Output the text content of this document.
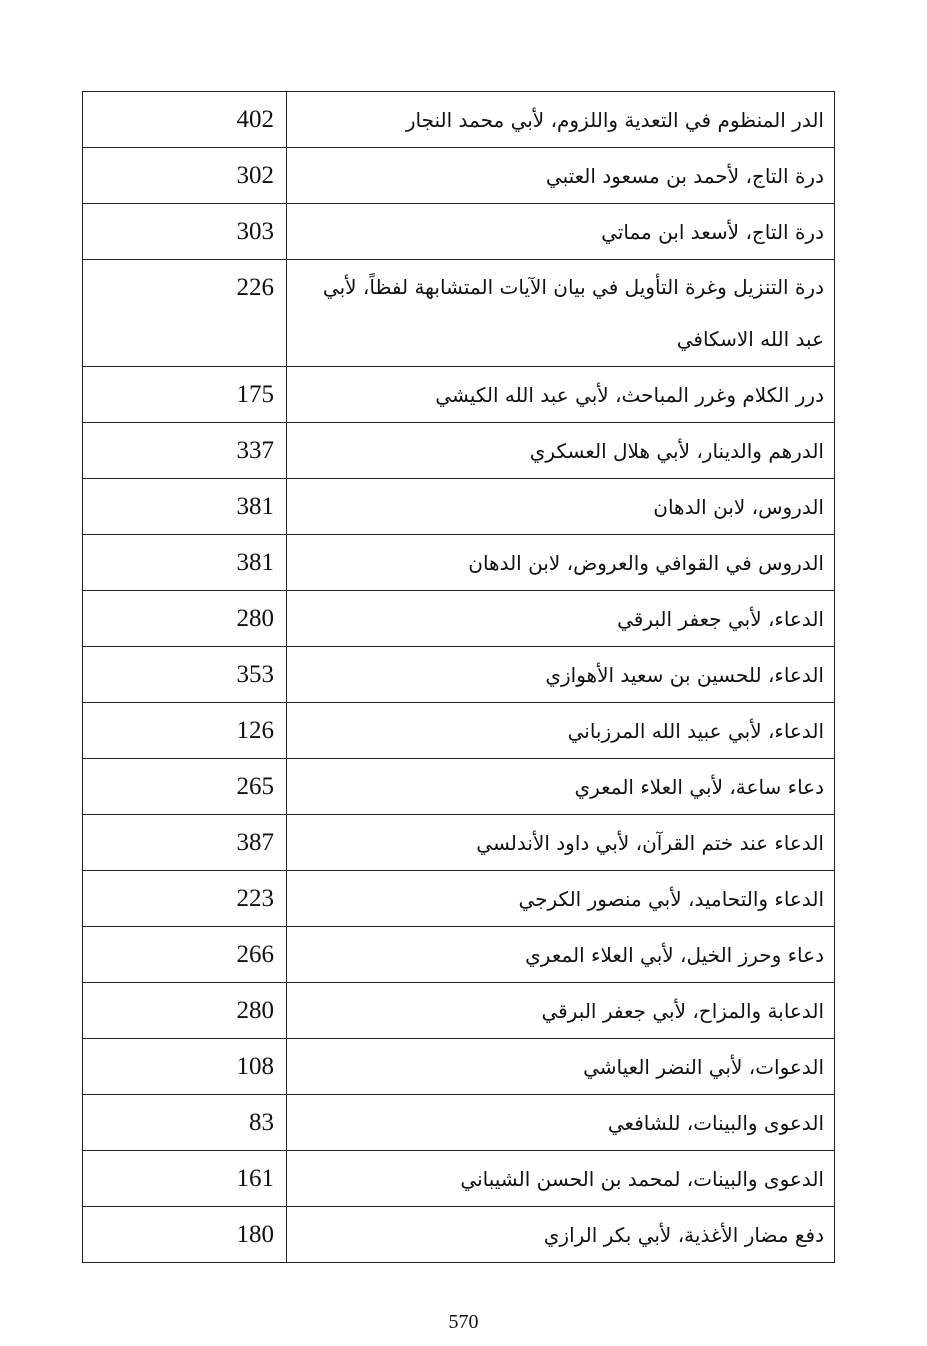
402	الدر المنظوم في التعدية واللزوم، لأبي محمد النجار
302	درة التاج، لأحمد بن مسعود العتبي
303	درة التاج، لأسعد ابن مماتي
226	درة التنزيل وغرة التأويل في بيان الآيات المتشابهة لفظاً، لأبي عبد الله الاسكافي
175	درر الكلام وغرر المباحث، لأبي عبد الله الكيشي
337	الدرهم والدينار، لأبي هلال العسكري
381	الدروس، لابن الدهان
381	الدروس في القوافي والعروض، لابن الدهان
280	الدعاء، لأبي جعفر البرقي
353	الدعاء، للحسين بن سعيد الأهوازي
126	الدعاء، لأبي عبيد الله المرزباني
265	دعاء ساعة، لأبي العلاء المعري
387	الدعاء عند ختم القرآن، لأبي داود الأندلسي
223	الدعاء والتحاميد، لأبي منصور الكرجي
266	دعاء وحرز الخيل، لأبي العلاء المعري
280	الدعابة والمزاح، لأبي جعفر البرقي
108	الدعوات، لأبي النضر العياشي
83	الدعوى والبينات، للشافعي
161	الدعوى والبينات، لمحمد بن الحسن الشيباني
180	دفع مضار الأغذية، لأبي بكر الرازي
570
